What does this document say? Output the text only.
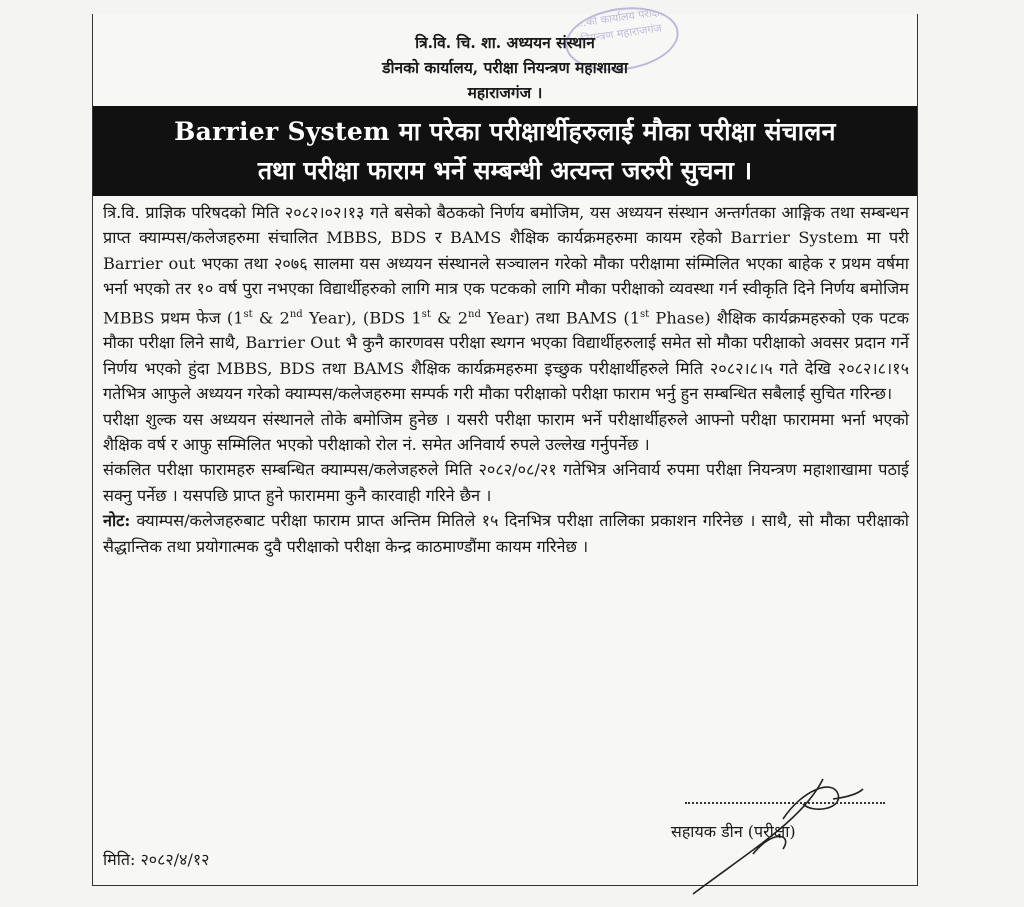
...को कार्यालय परीक्षा नियन्त्रण महाराजगंज
त्रि.वि. चि. शा. अध्ययन संस्थान
डीनको कार्यालय, परीक्षा नियन्त्रण महाशाखा
महाराजगंज ।
Barrier System मा परेका परीक्षार्थीहरुलाई मौका परीक्षा संचालन
तथा परीक्षा फाराम भर्ने सम्बन्धी अत्यन्त जरुरी सुचना ।

त्रि.वि. प्राज्ञिक परिषदको मिति २०८२।०२।१३ गते बसेको बैठकको निर्णय बमोजिम, यस अध्ययन संस्थान अन्तर्गतका आङ्गिक तथा सम्बन्धन प्राप्त क्याम्पस/कलेजहरुमा संचालित MBBS, BDS र BAMS शैक्षिक कार्यक्रमहरुमा कायम रहेको Barrier System मा परी Barrier out भएका तथा २०७६ सालमा यस अध्ययन संस्थानले सञ्चालन गरेको मौका परीक्षामा संम्मिलित भएका बाहेक र प्रथम वर्षमा भर्ना भएको तर १० वर्ष पुरा नभएका विद्यार्थीहरुको लागि मात्र एक पटकको लागि मौका परीक्षाको व्यवस्था गर्न स्वीकृति दिने निर्णय बमोजिम MBBS प्रथम फेज (1st & 2nd Year), (BDS 1st & 2nd Year) तथा BAMS (1st Phase) शैक्षिक कार्यक्रमहरुको एक पटक मौका परीक्षा लिने साथै, Barrier Out भै कुनै कारणवस परीक्षा स्थगन भएका विद्यार्थीहरुलाई समेत सो मौका परीक्षाको अवसर प्रदान गर्ने निर्णय भएको हुंदा MBBS, BDS तथा BAMS शैक्षिक कार्यक्रमहरुमा इच्छुक परीक्षार्थीहरुले मिति २०८२।८।५ गते देखि २०८२।८।१५ गतेभित्र आफुले अध्ययन गरेको क्याम्पस/कलेजहरुमा सम्पर्क गरी मौका परीक्षाको परीक्षा फाराम भर्नु हुन सम्बन्धित सबैलाई सुचित गरिन्छ।

परीक्षा शुल्क यस अध्ययन संस्थानले तोके बमोजिम हुनेछ । यसरी परीक्षा फाराम भर्ने परीक्षार्थीहरुले आफ्नो परीक्षा फाराममा भर्ना भएको शैक्षिक वर्ष र आफु सम्मिलित भएको परीक्षाको रोल नं. समेत अनिवार्य रुपले उल्लेख गर्नुपर्नेछ ।

संकलित परीक्षा फारामहरु सम्बन्धित क्याम्पस/कलेजहरुले मिति २०८२/०८/२१ गतेभित्र अनिवार्य रुपमा परीक्षा नियन्त्रण महाशाखामा पठाई सक्नु पर्नेछ । यसपछि प्राप्त हुने फाराममा कुनै कारवाही गरिने छैन ।

नोट: क्याम्पस/कलेजहरुबाट परीक्षा फाराम प्राप्त अन्तिम मितिले १५ दिनभित्र परीक्षा तालिका प्रकाशन गरिनेछ । साथै, सो मौका परीक्षाको सैद्धान्तिक तथा प्रयोगात्मक दुवै परीक्षाको परीक्षा केन्द्र काठमाण्डौंमा कायम गरिनेछ ।

सहायक डीन (परीक्षा)
मिति: २०८२/४/१२
